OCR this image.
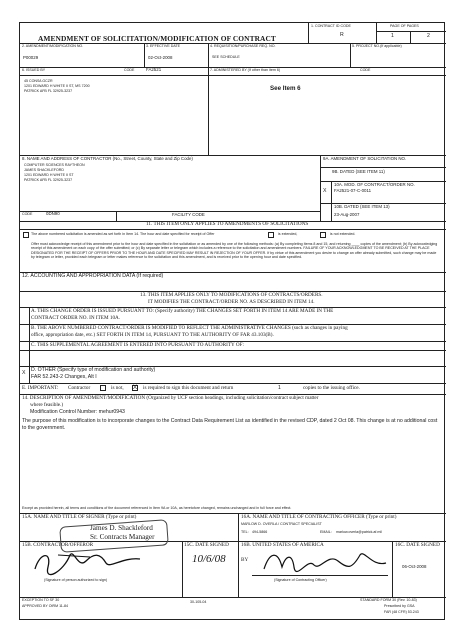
AMENDMENT OF SOLICITATION/MODIFICATION OF CONTRACT
1. CONTRACT ID CODE
R
PAGE OF PAGES
1	2
2. AMENDMENT/MODIFICATION NO.
P00029
3. EFFECTIVE DATE
02-Oct-2008
4. REQUISITION/PURCHASE REQ. NO.
SEE SCHEDULE
5. PROJECT NO.(If applicable)
6. ISSUED BY	CODE	FA2521	7. ADMINISTERED BY (If other than item 6)	CODE
45 CONS/LGCZR
1201 EDWARD H WHITE II ST, MS 7200
PATRICK AFB FL 32925-3237	See Item 6
8. NAME AND ADDRESS OF CONTRACTOR (No., Street, County, State and Zip Code)
COMPUTER SCIENCES RAYTHEON
JAMES SHACKLEFORD
1201 EDWARD H WHITE II ST
PATRICK AFB FL 32925-3237
9A. AMENDMENT OF SOLICITATION NO.
9B. DATED (SEE ITEM 11)
X
10A. MOD. OF CONTRACT/ORDER NO.
FA2521-07-C-0011
10B. DATED (SEE ITEM 13)
23-Aug-2007
CODE	0DN90	FACILITY CODE
11. THIS ITEM ONLY APPLIES TO AMENDMENTS OF SOLICITATIONS
The above numbered solicitation is amended as set forth in Item 14. The hour and date specified for receipt of Offer	is extended,	is not extended.
Offer must acknowledge receipt of this amendment prior to the hour and date specified in the solicitation or as amended by one of the following methods: (a) By completing Items 8 and 15, and returning ____ copies of the amendment; (b) By acknowledging receipt of this amendment on each copy of the offer submitted; or (c) By separate letter or telegram which includes a reference to the solicitation and amendment numbers. FAILURE OF YOUR ACKNOWLEDGMENT TO BE RECEIVED AT THE PLACE DESIGNATED FOR THE RECEIPT OF OFFERS PRIOR TO THE HOUR AND DATE SPECIFIED MAY RESULT IN REJECTION OF YOUR OFFER. If by virtue of this amendment you desire to change an offer already submitted, such change may be made by telegram or letter, provided each telegram or letter makes reference to the solicitation and this amendment, and is received prior to the opening hour and date specified.
12. ACCOUNTING AND APPROPRIATION DATA (If required)
13. THIS ITEM APPLIES ONLY TO MODIFICATIONS OF CONTRACTS/ORDERS.
IT MODIFIES THE CONTRACT/ORDER NO. AS DESCRIBED IN ITEM 14.
A. THIS CHANGE ORDER IS ISSUED PURSUANT TO: (Specify authority) THE CHANGES SET FORTH IN ITEM 14 ARE MADE IN THE
CONTRACT ORDER NO. IN ITEM 10A.
B. THE ABOVE NUMBERED CONTRACT/ORDER IS MODIFIED TO REFLECT THE ADMINISTRATIVE CHANGES (such as changes in paying
office, appropriation date, etc.) SET FORTH IN ITEM 14, PURSUANT TO THE AUTHORITY OF FAR 43.103(B).
C. THIS SUPPLEMENTAL AGREEMENT IS ENTERED INTO PURSUANT TO AUTHORITY OF:
X D. OTHER (Specify type of modification and authority)
FAR 52.243-2 Changes, Alt I
E. IMPORTANT: Contractor	is not, X is required to sign this document and return	1	copies to the issuing office.
14. DESCRIPTION OF AMENDMENT/MODIFICATION (Organized by UCF section headings, including solicitation/contract subject matter
where feasible.)
Modification Control Number: mehur0943
The purpose of this modification is to incorporate changes to the Contract Data Requirement List as identified in the revised CDP, dated 2 Oct 08. This change is at no additional cost to the government.
Except as provided herein, all terms and conditions of the document referenced in Item 9A or 10A, as heretofore changed, remains unchanged and in full force and effect.
15A. NAME AND TITLE OF SIGNER (Type or print)
James D. Shackleford
Sr. Contracts Manager
16A. NAME AND TITLE OF CONTRACTING OFFICER (Type or print)
MARLOW D. OVERLA / CONTRACT SPECIALIST
TEL: 494-5866	EMAIL: marlow.overla@patrick.af.mil
15B. CONTRACTOR/OFFEROR	15C. DATE SIGNED 16B. UNITED STATES OF AMERICA	16C. DATE SIGNED
10/6/08
(Signature of person authorized to sign)
BY
(Signature of Contracting Officer)
06-Oct-2008
EXCEPTION TO SF 30
APPROVED BY OIRM 11-84
30-105-04	STANDARD FORM 30 (Rev. 10-83)
Prescribed by GSA
FAR (48 CFR) 53.243
